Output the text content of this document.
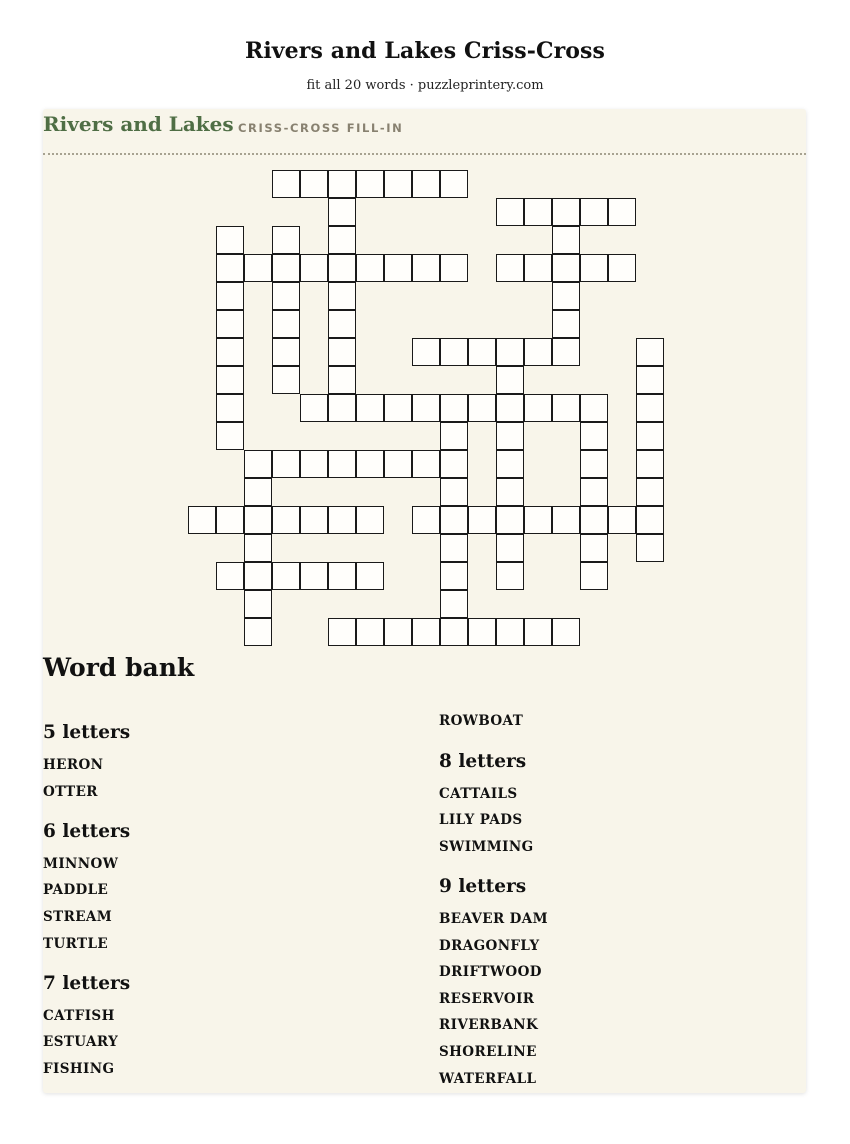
Rivers and Lakes Criss-Cross
fit all 20 words · puzzleprintery.com
Rivers and Lakes CRISS-CROSS FILL-IN
Word bank
5 letters
HERON
OTTER
6 letters
MINNOW
PADDLE
STREAM
TURTLE
7 letters
CATFISH
ESTUARY
FISHING
ROWBOAT
8 letters
CATTAILS
LILY PADS
SWIMMING
9 letters
BEAVER DAM
DRAGONFLY
DRIFTWOOD
RESERVOIR
RIVERBANK
SHORELINE
WATERFALL
